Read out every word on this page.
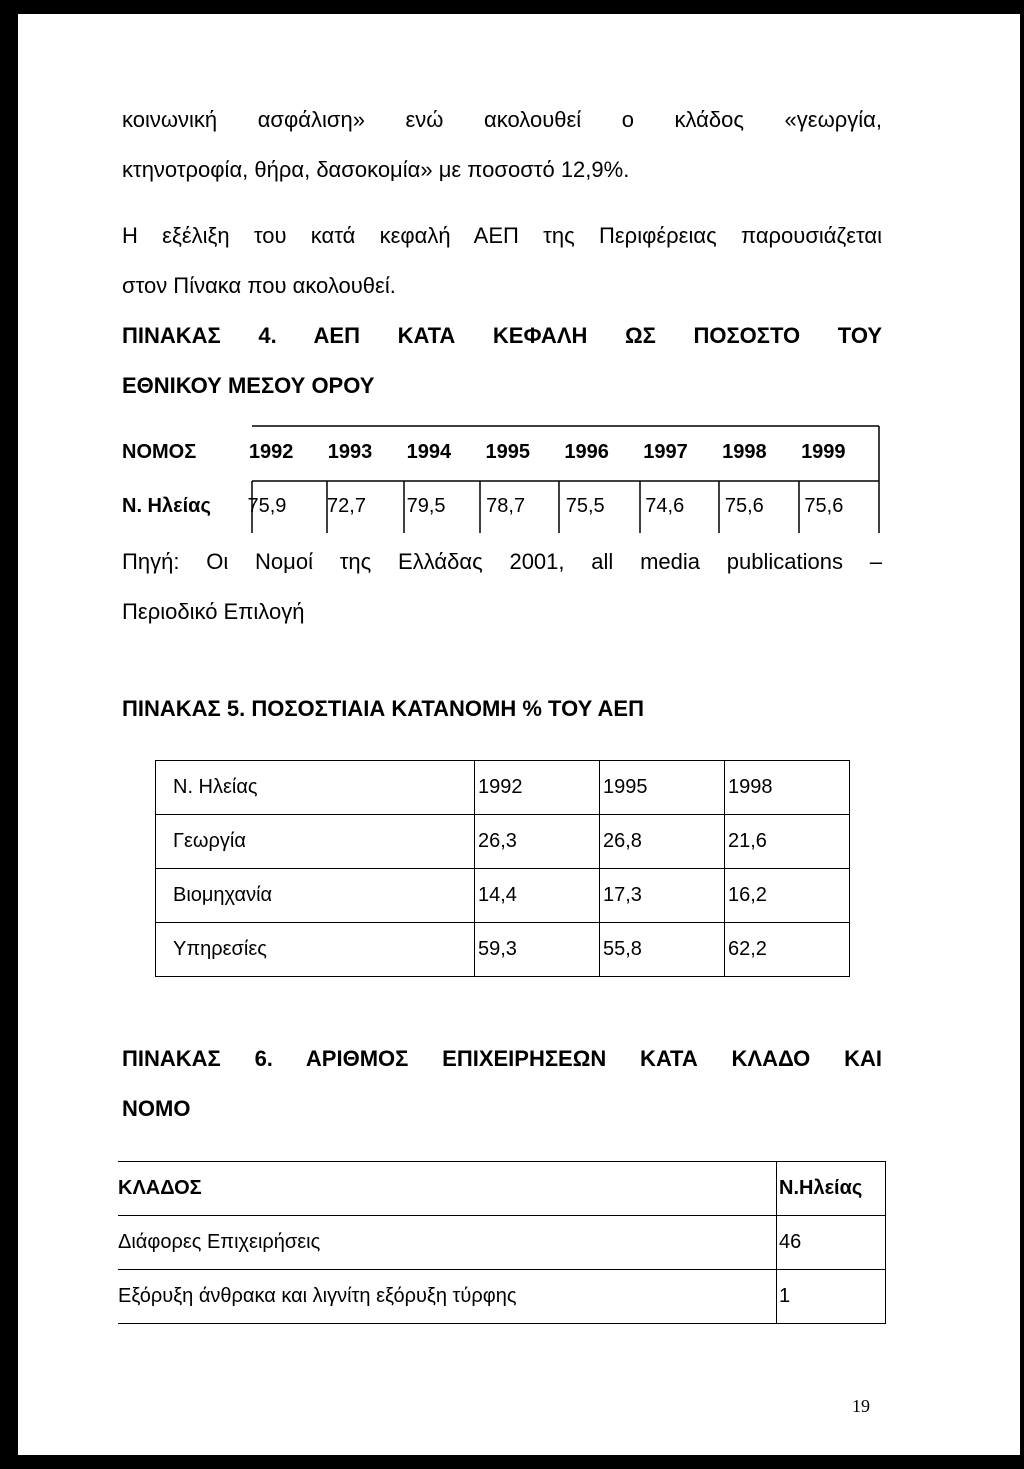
κοινωνική ασφάλιση» ενώ ακολουθεί ο κλάδος «γεωργία,
κτηνοτροφία, θήρα, δασοκομία» με ποσοστό 12,9%.
Η εξέλιξη του κατά κεφαλή ΑΕΠ της Περιφέρειας παρουσιάζεται
στον Πίνακα που ακολουθεί.
ΠΙΝΑΚΑΣ 4. ΑΕΠ ΚΑΤΑ ΚΕΦΑΛΗ ΩΣ ΠΟΣΟΣΤΟ ΤΟΥ
ΕΘΝΙΚΟΥ ΜΕΣΟΥ ΟΡΟΥ
ΝΟΜΟΣ	1992	1993	1994	1995	1996	1997	1998	1999
Ν. Ηλείας	75,9	72,7	79,5	78,7	75,5	74,6	75,6	75,6
Πηγή: Οι Νομοί της Ελλάδας 2001, all media publications –
Περιοδικό Επιλογή
ΠΙΝΑΚΑΣ 5. ΠΟΣΟΣΤΙΑΙΑ ΚΑΤΑΝΟΜΗ % ΤΟΥ ΑΕΠ
Ν. Ηλείας	1992	1995	1998
Γεωργία	26,3	26,8	21,6
Βιομηχανία	14,4	17,3	16,2
Υπηρεσίες	59,3	55,8	62,2
ΠΙΝΑΚΑΣ 6. ΑΡΙΘΜΟΣ ΕΠΙΧΕΙΡΗΣΕΩΝ ΚΑΤΑ ΚΛΑΔΟ ΚΑΙ
ΝΟΜΟ
ΚΛΑΔΟΣ	Ν.Ηλείας
Διάφορες Επιχειρήσεις	46
Εξόρυξη άνθρακα και λιγνίτη εξόρυξη τύρφης	1
19
